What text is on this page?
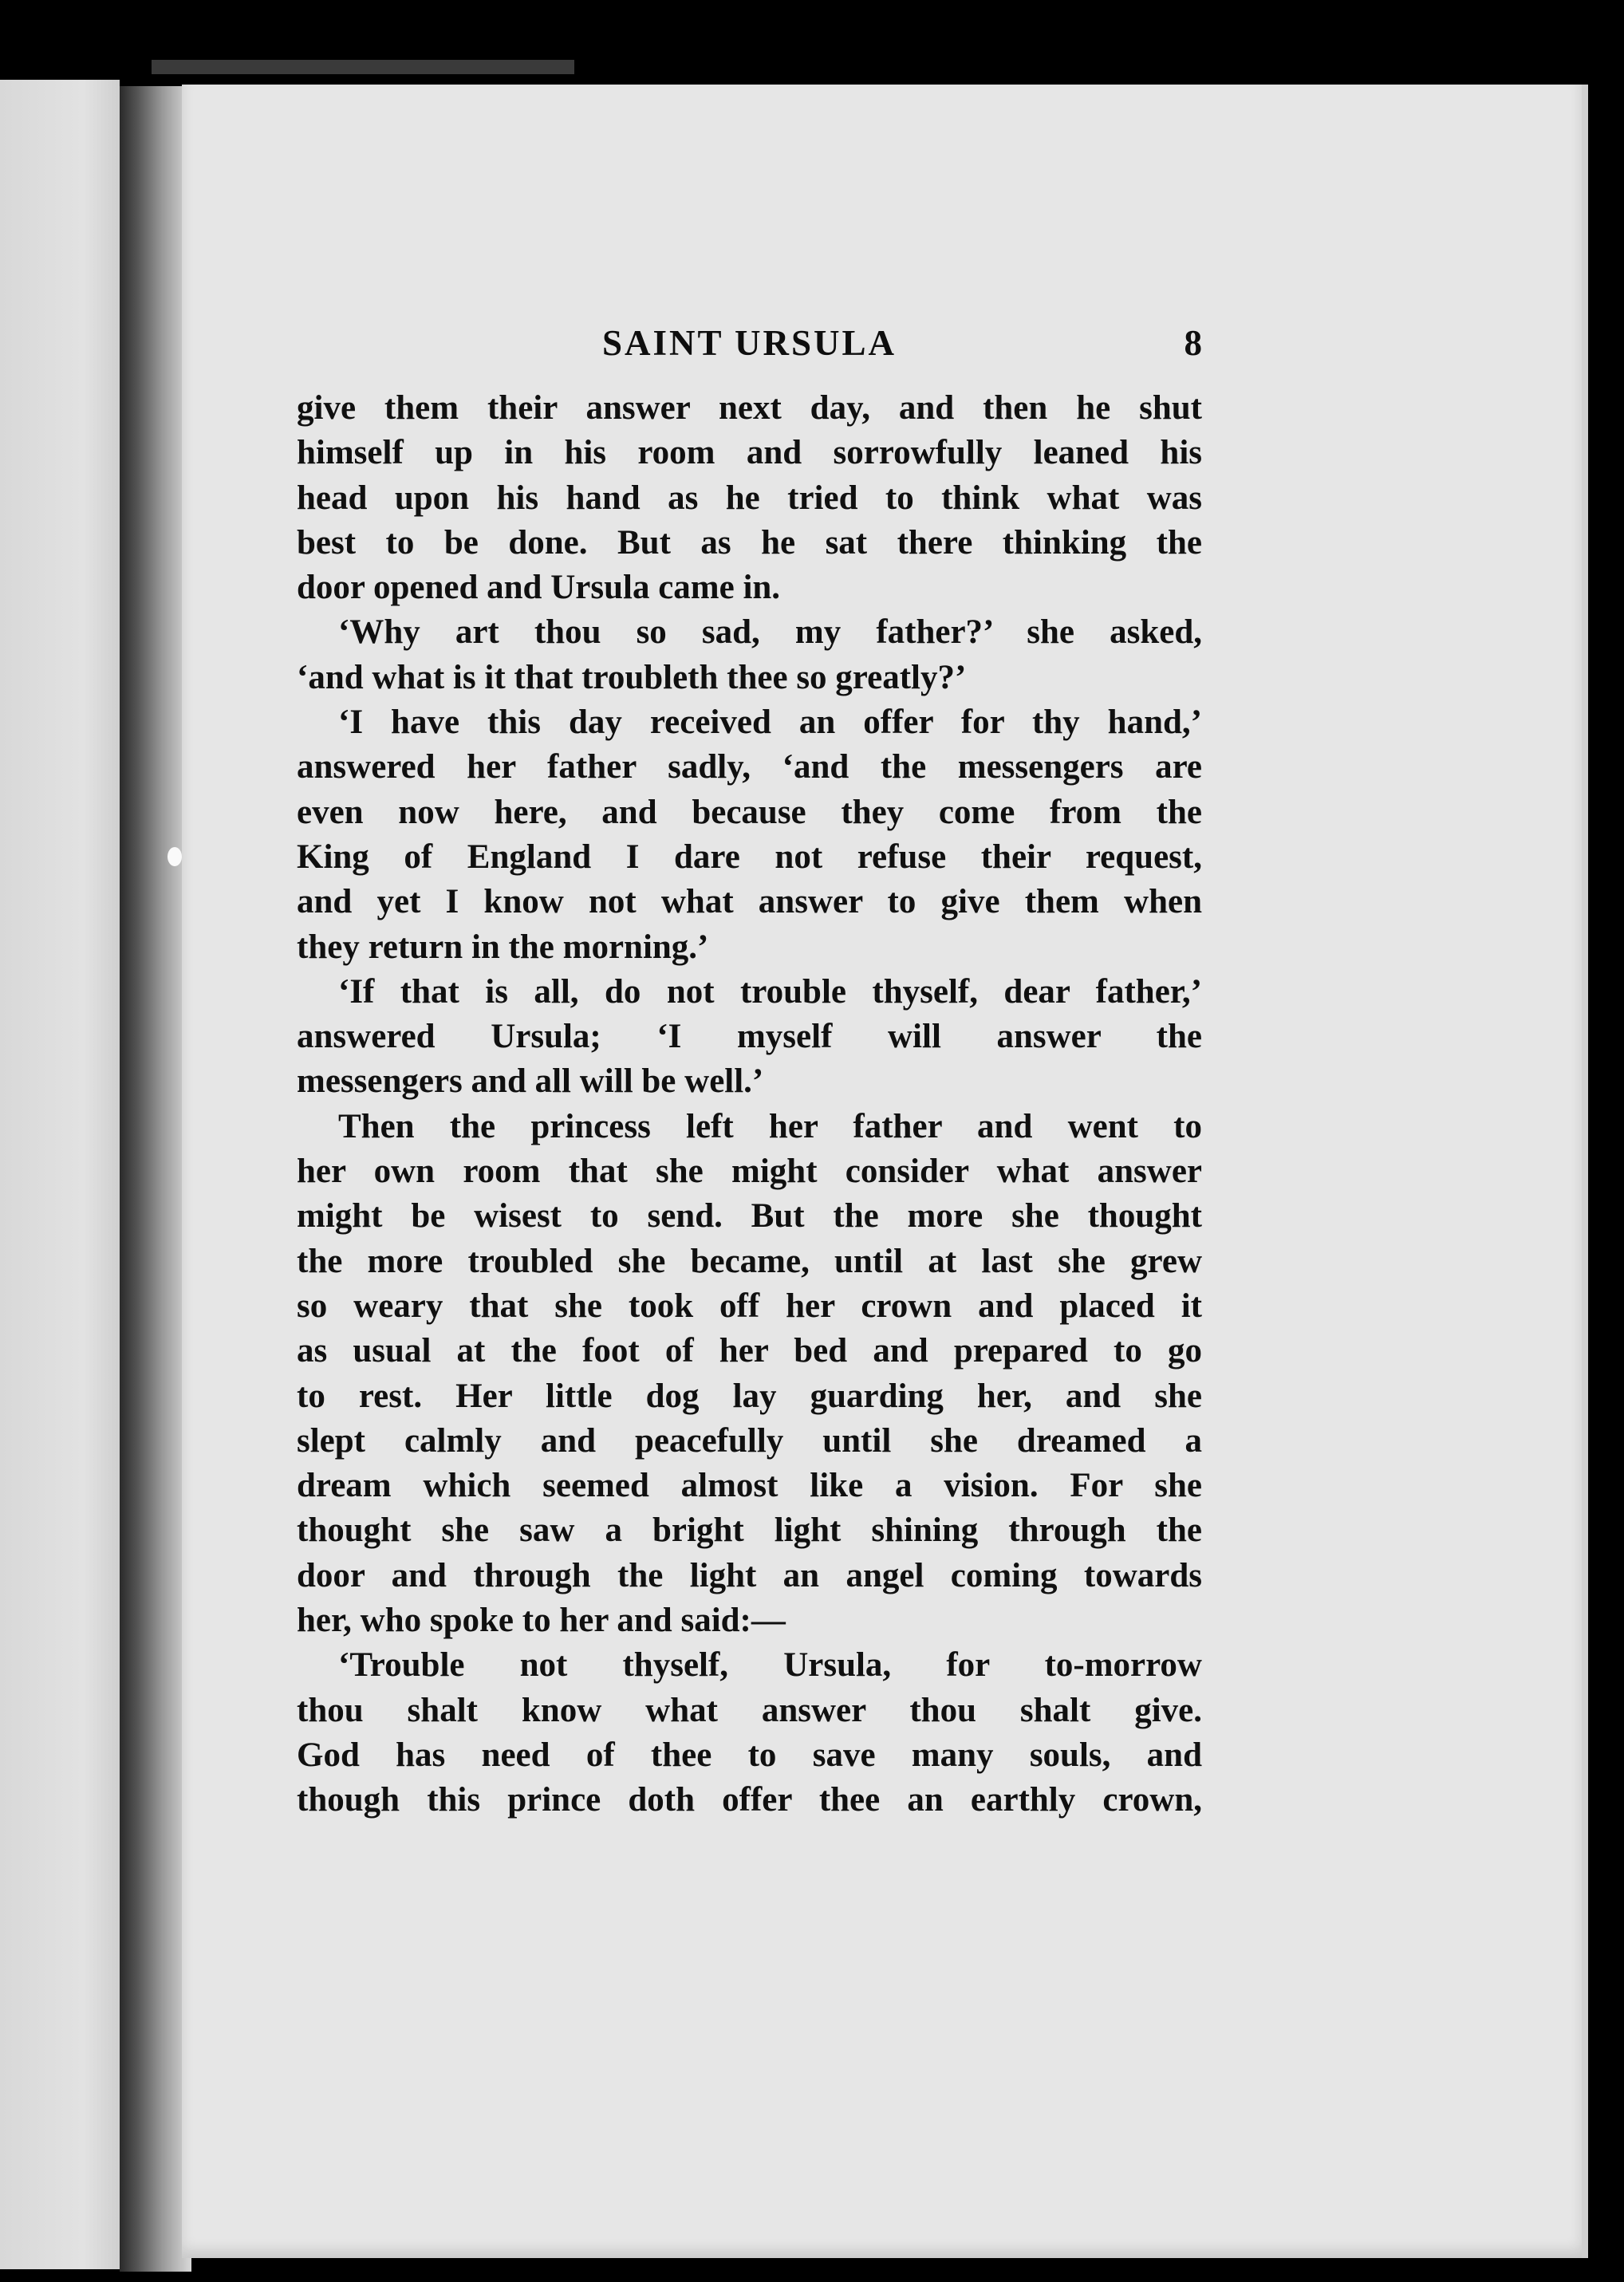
SAINT URSULA	8
give them their answer next day, and then he shut
himself up in his room and sorrowfully leaned his
head upon his hand as he tried to think what was
best to be done. But as he sat there thinking the
door opened and Ursula came in.
‘Why art thou so sad, my father?’ she asked,
‘and what is it that troubleth thee so greatly?’
‘I have this day received an offer for thy hand,’
answered her father sadly, ‘and the messengers are
even now here, and because they come from the
King of England I dare not refuse their request,
and yet I know not what answer to give them when
they return in the morning.’
‘If that is all, do not trouble thyself, dear father,’
answered Ursula; ‘I myself will answer the
messengers and all will be well.’
Then the princess left her father and went to
her own room that she might consider what answer
might be wisest to send. But the more she thought
the more troubled she became, until at last she grew
so weary that she took off her crown and placed it
as usual at the foot of her bed and prepared to go
to rest. Her little dog lay guarding her, and she
slept calmly and peacefully until she dreamed a
dream which seemed almost like a vision. For she
thought she saw a bright light shining through the
door and through the light an angel coming towards
her, who spoke to her and said:—
‘Trouble not thyself, Ursula, for to-morrow
thou shalt know what answer thou shalt give.
God has need of thee to save many souls, and
though this prince doth offer thee an earthly crown,
